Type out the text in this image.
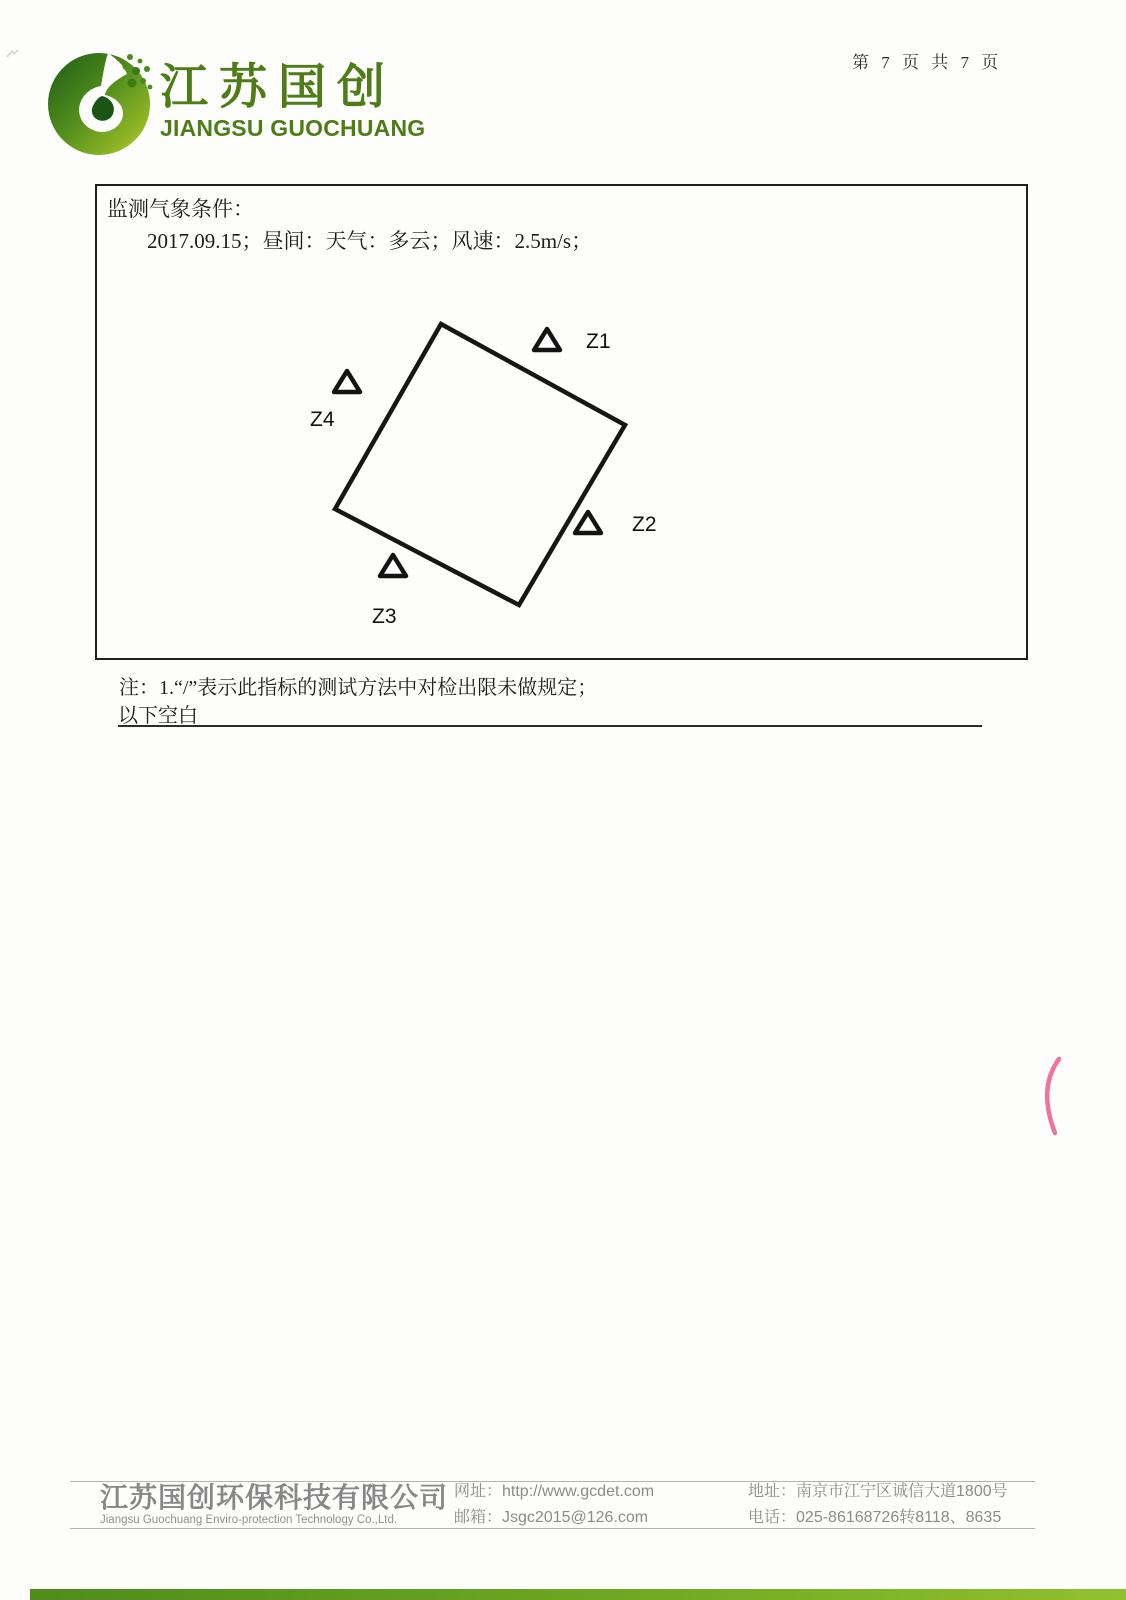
第 7 页 共 7 页
江苏国创
JIANGSU GUOCHUANG
监测气象条件：
2017.09.15；昼间：天气：多云；风速：2.5m/s；
Z1
Z2
Z3
Z4
注：1.“/”表示此指标的测试方法中对检出限未做规定；
以下空白
江苏国创环保科技有限公司
Jiangsu Guochuang Enviro-protection Technology Co.,Ltd.
网址：http://www.gcdet.com
邮箱：Jsgc2015@126.com
地址：南京市江宁区诚信大道1800号
电话：025-86168726转8118、8635
